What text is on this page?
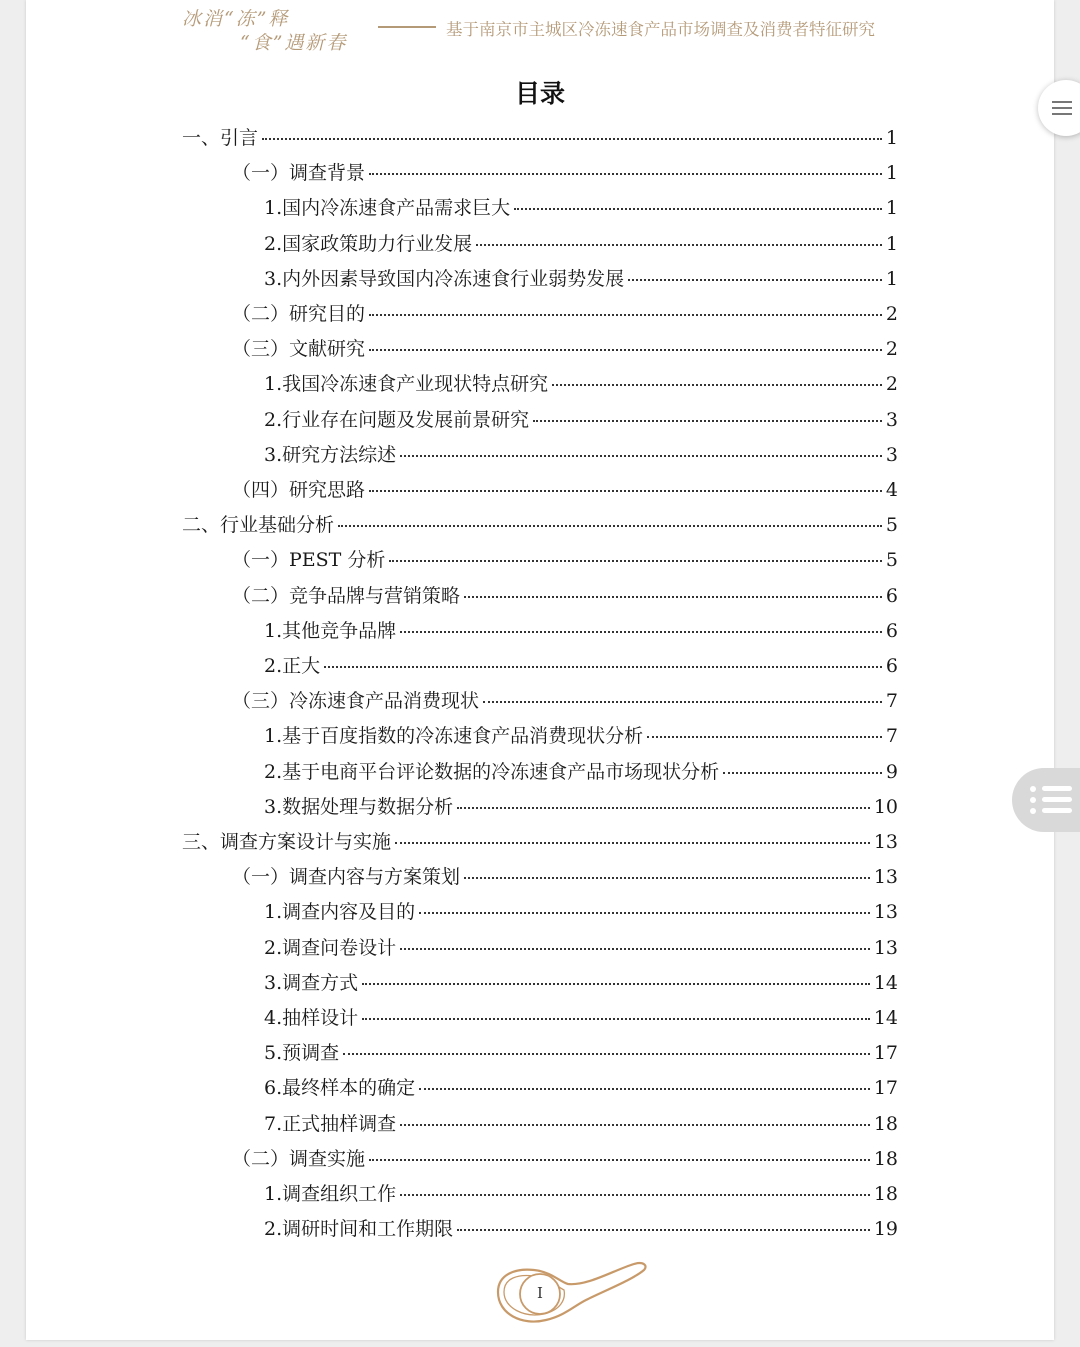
冰消“冻”释
“食”遇新春
基于南京市主城区冷冻速食产品市场调查及消费者特征研究
目录
一、引言	1
（一）调查背景	1
1.国内冷冻速食产品需求巨大	1
2.国家政策助力行业发展	1
3.内外因素导致国内冷冻速食行业弱势发展	1
（二）研究目的	2
（三）文献研究	2
1.我国冷冻速食产业现状特点研究	2
2.行业存在问题及发展前景研究	3
3.研究方法综述	3
（四）研究思路	4
二、行业基础分析	5
（一）PEST 分析	5
（二）竞争品牌与营销策略	6
1.其他竞争品牌	6
2.正大	6
（三）冷冻速食产品消费现状	7
1.基于百度指数的冷冻速食产品消费现状分析	7
2.基于电商平台评论数据的冷冻速食产品市场现状分析	9
3.数据处理与数据分析	10
三、调查方案设计与实施	13
（一）调查内容与方案策划	13
1.调查内容及目的	13
2.调查问卷设计	13
3.调查方式	14
4.抽样设计	14
5.预调查	17
6.最终样本的确定	17
7.正式抽样调查	18
（二）调查实施	18
1.调查组织工作	18
2.调研时间和工作期限	19
I
